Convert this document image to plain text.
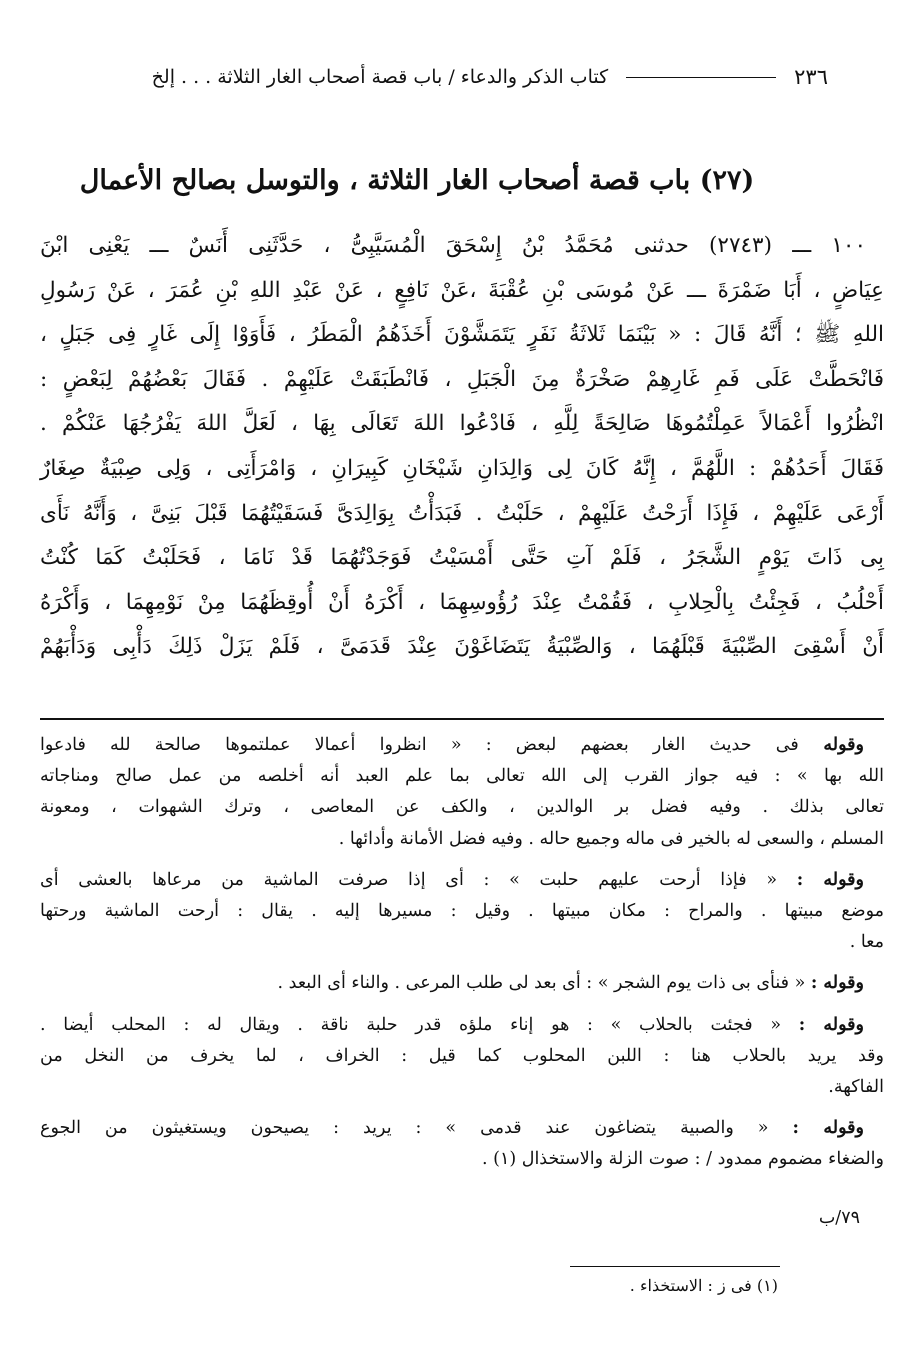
٢٣٦
كتاب الذكر والدعاء / باب قصة أصحاب الغار الثلاثة . . . إلخ
(٢٧) باب قصة أصحاب الغار الثلاثة ، والتوسل بصالح الأعمال

١٠٠ ـــ (٢٧٤٣) حدثنى مُحَمَّدُ بْنُ إِسْحَقَ الْمُسَيَّبِىُّ ، حَدَّثَنِى أَنَسٌ ـــ يَعْنِى ابْنَ

عِيَاضٍ ، أَبَا ضَمْرَةَ ـــ عَنْ مُوسَى بْنِ عُقْبَةَ ،عَنْ نَافِعٍ ، عَنْ عَبْدِ اللهِ بْنِ عُمَرَ ، عَنْ رَسُولِ

اللهِ ﷺ ؛ أَنَّهُ قَالَ : « بَيْنَمَا ثَلاثَةُ نَفَرٍ يَتَمَشَّوْنَ أَخَذَهُمُ الْمَطَرُ ، فَأَوَوْا إِلَى غَارٍ فِى جَبَلٍ ،

فَانْحَطَّتْ عَلَى فَمِ غَارِهِمْ صَخْرَةٌ مِنَ الْجَبَلِ ، فَانْطَبَقَتْ عَلَيْهِمْ . فَقَالَ بَعْضُهُمْ لِبَعْضٍ :

انْظُرُوا أَعْمَالاً عَمِلْتُمُوهَا صَالِحَةً لِلَّهِ ، فَادْعُوا اللهَ تَعَالَى بِهَا ، لَعَلَّ اللهَ يَفْرُجُهَا عَنْكُمْ .

فَقَالَ أَحَدُهُمْ : اللَّهُمَّ ، إِنَّهُ كَانَ لِى وَالِدَانِ شَيْخَانِ كَبِيرَانِ ، وَامْرَأَتِى ، وَلِى صِبْيَةٌ صِغَارٌ

أَرْعَى عَلَيْهِمْ ، فَإِذَا أَرَحْتُ عَلَيْهِمْ ، حَلَبْتُ . فَبَدَأْتُ بِوَالِدَىَّ فَسَقَيْتُهُمَا قَبْلَ بَنِىَّ ، وَأَنَّهُ نَأَى

بِى ذَاتَ يَوْمٍ الشَّجَرُ ، فَلَمْ آتِ حَتَّى أَمْسَيْتُ فَوَجَدْتُهُمَا قَدْ نَامَا ، فَحَلَبْتُ كَمَا كُنْتُ

أَحْلُبُ ، فَجِئْتُ بِالْحِلابِ ، فَقُمْتُ عِنْدَ رُؤُوسِهِمَا ، أَكْرَهُ أَنْ أُوقِظَهُمَا مِنْ نَوْمِهِمَا ، وَأَكْرَهُ

أَنْ أَسْقِىَ الصِّبْيَةَ قَبْلَهُمَا ، وَالصِّبْيَةُ يَتَضَاغَوْنَ عِنْدَ قَدَمَىَّ ، فَلَمْ يَزَلْ ذَلِكَ دَأْبِى وَدَأْبَهُمْ

وقوله فى حديث الغار بعضهم لبعض : « انظروا أعمالا عملتموها صالحة لله فادعوا

الله بها » : فيه جواز القرب إلى الله تعالى بما علم العبد أنه أخلصه من عمل صالح ومناجاته

تعالى بذلك . وفيه فضل بر الوالدين ، والكف عن المعاصى ، وترك الشهوات ، ومعونة

المسلم ، والسعى له بالخير فى ماله وجميع حاله . وفيه فضل الأمانة وأدائها .

وقوله : « فإذا أرحت عليهم حلبت » : أى إذا صرفت الماشية من مرعاها بالعشى أى

موضع مبيتها . والمراح : مكان مبيتها . وقيل : مسيرها إليه . يقال : أرحت الماشية ورحتها

معا .

وقوله : « فنأى بى ذات يوم الشجر » : أى بعد لى طلب المرعى . والناء أى البعد .

وقوله : « فجئت بالحلاب » : هو إناء ملؤه قدر حلبة ناقة . ويقال له : المحلب أيضا .

وقد يريد بالحلاب هنا : اللبن المحلوب كما قيل : الخراف ، لما يخرف من النخل من

الفاكهة.

وقوله : « والصبية يتضاغون عند قدمى » : يريد : يصيحون ويستغيثون من الجوع

والضغاء مضموم ممدود / : صوت الزلة والاستخذال (١) .

٧٩/ب
(١) فى ز : الاستخذاء .
